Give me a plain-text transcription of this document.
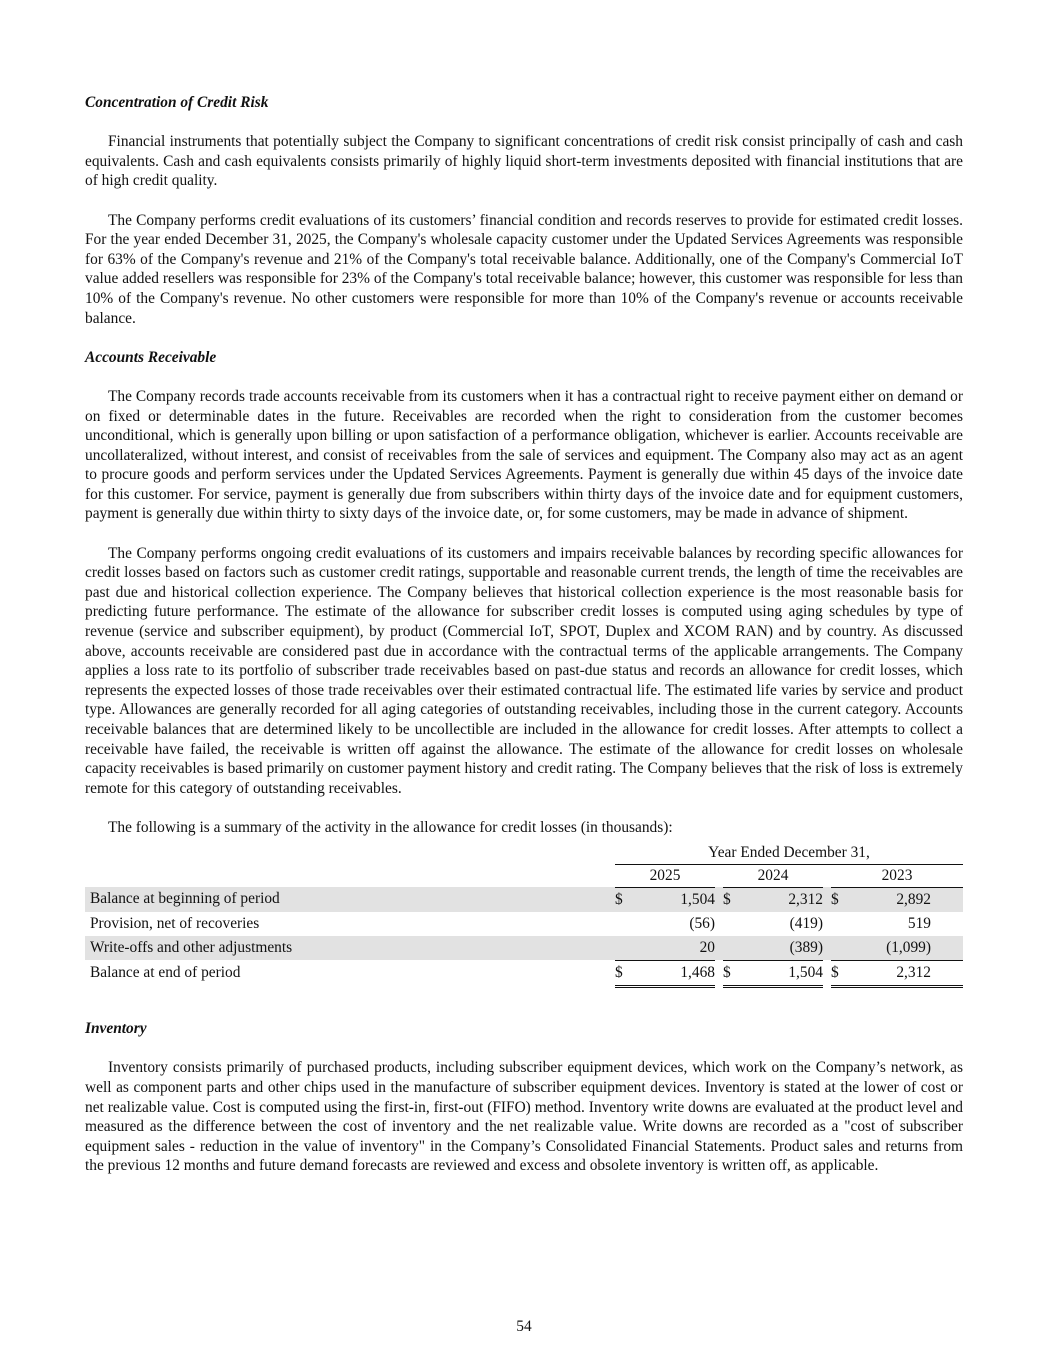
Concentration of Credit Risk

Financial instruments that potentially subject the Company to significant concentrations of credit risk consist principally of cash and cash equivalents. Cash and cash equivalents consists primarily of highly liquid short-term investments deposited with financial institutions that are of high credit quality.

The Company performs credit evaluations of its customers’ financial condition and records reserves to provide for estimated credit losses. For the year ended December 31, 2025, the Company's wholesale capacity customer under the Updated Services Agreements was responsible for 63% of the Company's revenue and 21% of the Company's total receivable balance. Additionally, one of the Company's Commercial IoT value added resellers was responsible for 23% of the Company's total receivable balance; however, this customer was responsible for less than 10% of the Company's revenue. No other customers were responsible for more than 10% of the Company's revenue or accounts receivable balance.

Accounts Receivable

The Company records trade accounts receivable from its customers when it has a contractual right to receive payment either on demand or on fixed or determinable dates in the future. Receivables are recorded when the right to consideration from the customer becomes unconditional, which is generally upon billing or upon satisfaction of a performance obligation, whichever is earlier. Accounts receivable are uncollateralized, without interest, and consist of receivables from the sale of services and equipment. The Company also may act as an agent to procure goods and perform services under the Updated Services Agreements. Payment is generally due within 45 days of the invoice date for this customer. For service, payment is generally due from subscribers within thirty days of the invoice date and for equipment customers, payment is generally due within thirty to sixty days of the invoice date, or, for some customers, may be made in advance of shipment.

The Company performs ongoing credit evaluations of its customers and impairs receivable balances by recording specific allowances for credit losses based on factors such as customer credit ratings, supportable and reasonable current trends, the length of time the receivables are past due and historical collection experience. The Company believes that historical collection experience is the most reasonable basis for predicting future performance. The estimate of the allowance for subscriber credit losses is computed using aging schedules by type of revenue (service and subscriber equipment), by product (Commercial IoT, SPOT, Duplex and XCOM RAN) and by country. As discussed above, accounts receivable are considered past due in accordance with the contractual terms of the applicable arrangements. The Company applies a loss rate to its portfolio of subscriber trade receivables based on past-due status and records an allowance for credit losses, which represents the expected losses of those trade receivables over their estimated contractual life. The estimated life varies by service and product type. Allowances are generally recorded for all aging categories of outstanding receivables, including those in the current category. Accounts receivable balances that are determined likely to be uncollectible are included in the allowance for credit losses. After attempts to collect a receivable have failed, the receivable is written off against the allowance. The estimate of the allowance for credit losses on wholesale capacity receivables is based primarily on customer payment history and credit rating. The Company believes that the risk of loss is extremely remote for this category of outstanding receivables.

The following is a summary of the activity in the allowance for credit losses (in thousands):

	Year Ended December 31,								
	2025			2024			2023		
Balance at beginning of period	$	1,504		$	2,312		$	2,892	
Provision, net of recoveries		(56)			(419)			519	
Write-offs and other adjustments		20			(389)			(1,099)	
Balance at end of period	$	1,468		$	1,504		$	2,312	

Inventory

Inventory consists primarily of purchased products, including subscriber equipment devices, which work on the Company’s network, as well as component parts and other chips used in the manufacture of subscriber equipment devices. Inventory is stated at the lower of cost or net realizable value. Cost is computed using the first-in, first-out (FIFO) method. Inventory write downs are evaluated at the product level and measured as the difference between the cost of inventory and the net realizable value. Write downs are recorded as a "cost of subscriber equipment sales - reduction in the value of inventory" in the Company’s Consolidated Financial Statements. Product sales and returns from the previous 12 months and future demand forecasts are reviewed and excess and obsolete inventory is written off, as applicable.

54
